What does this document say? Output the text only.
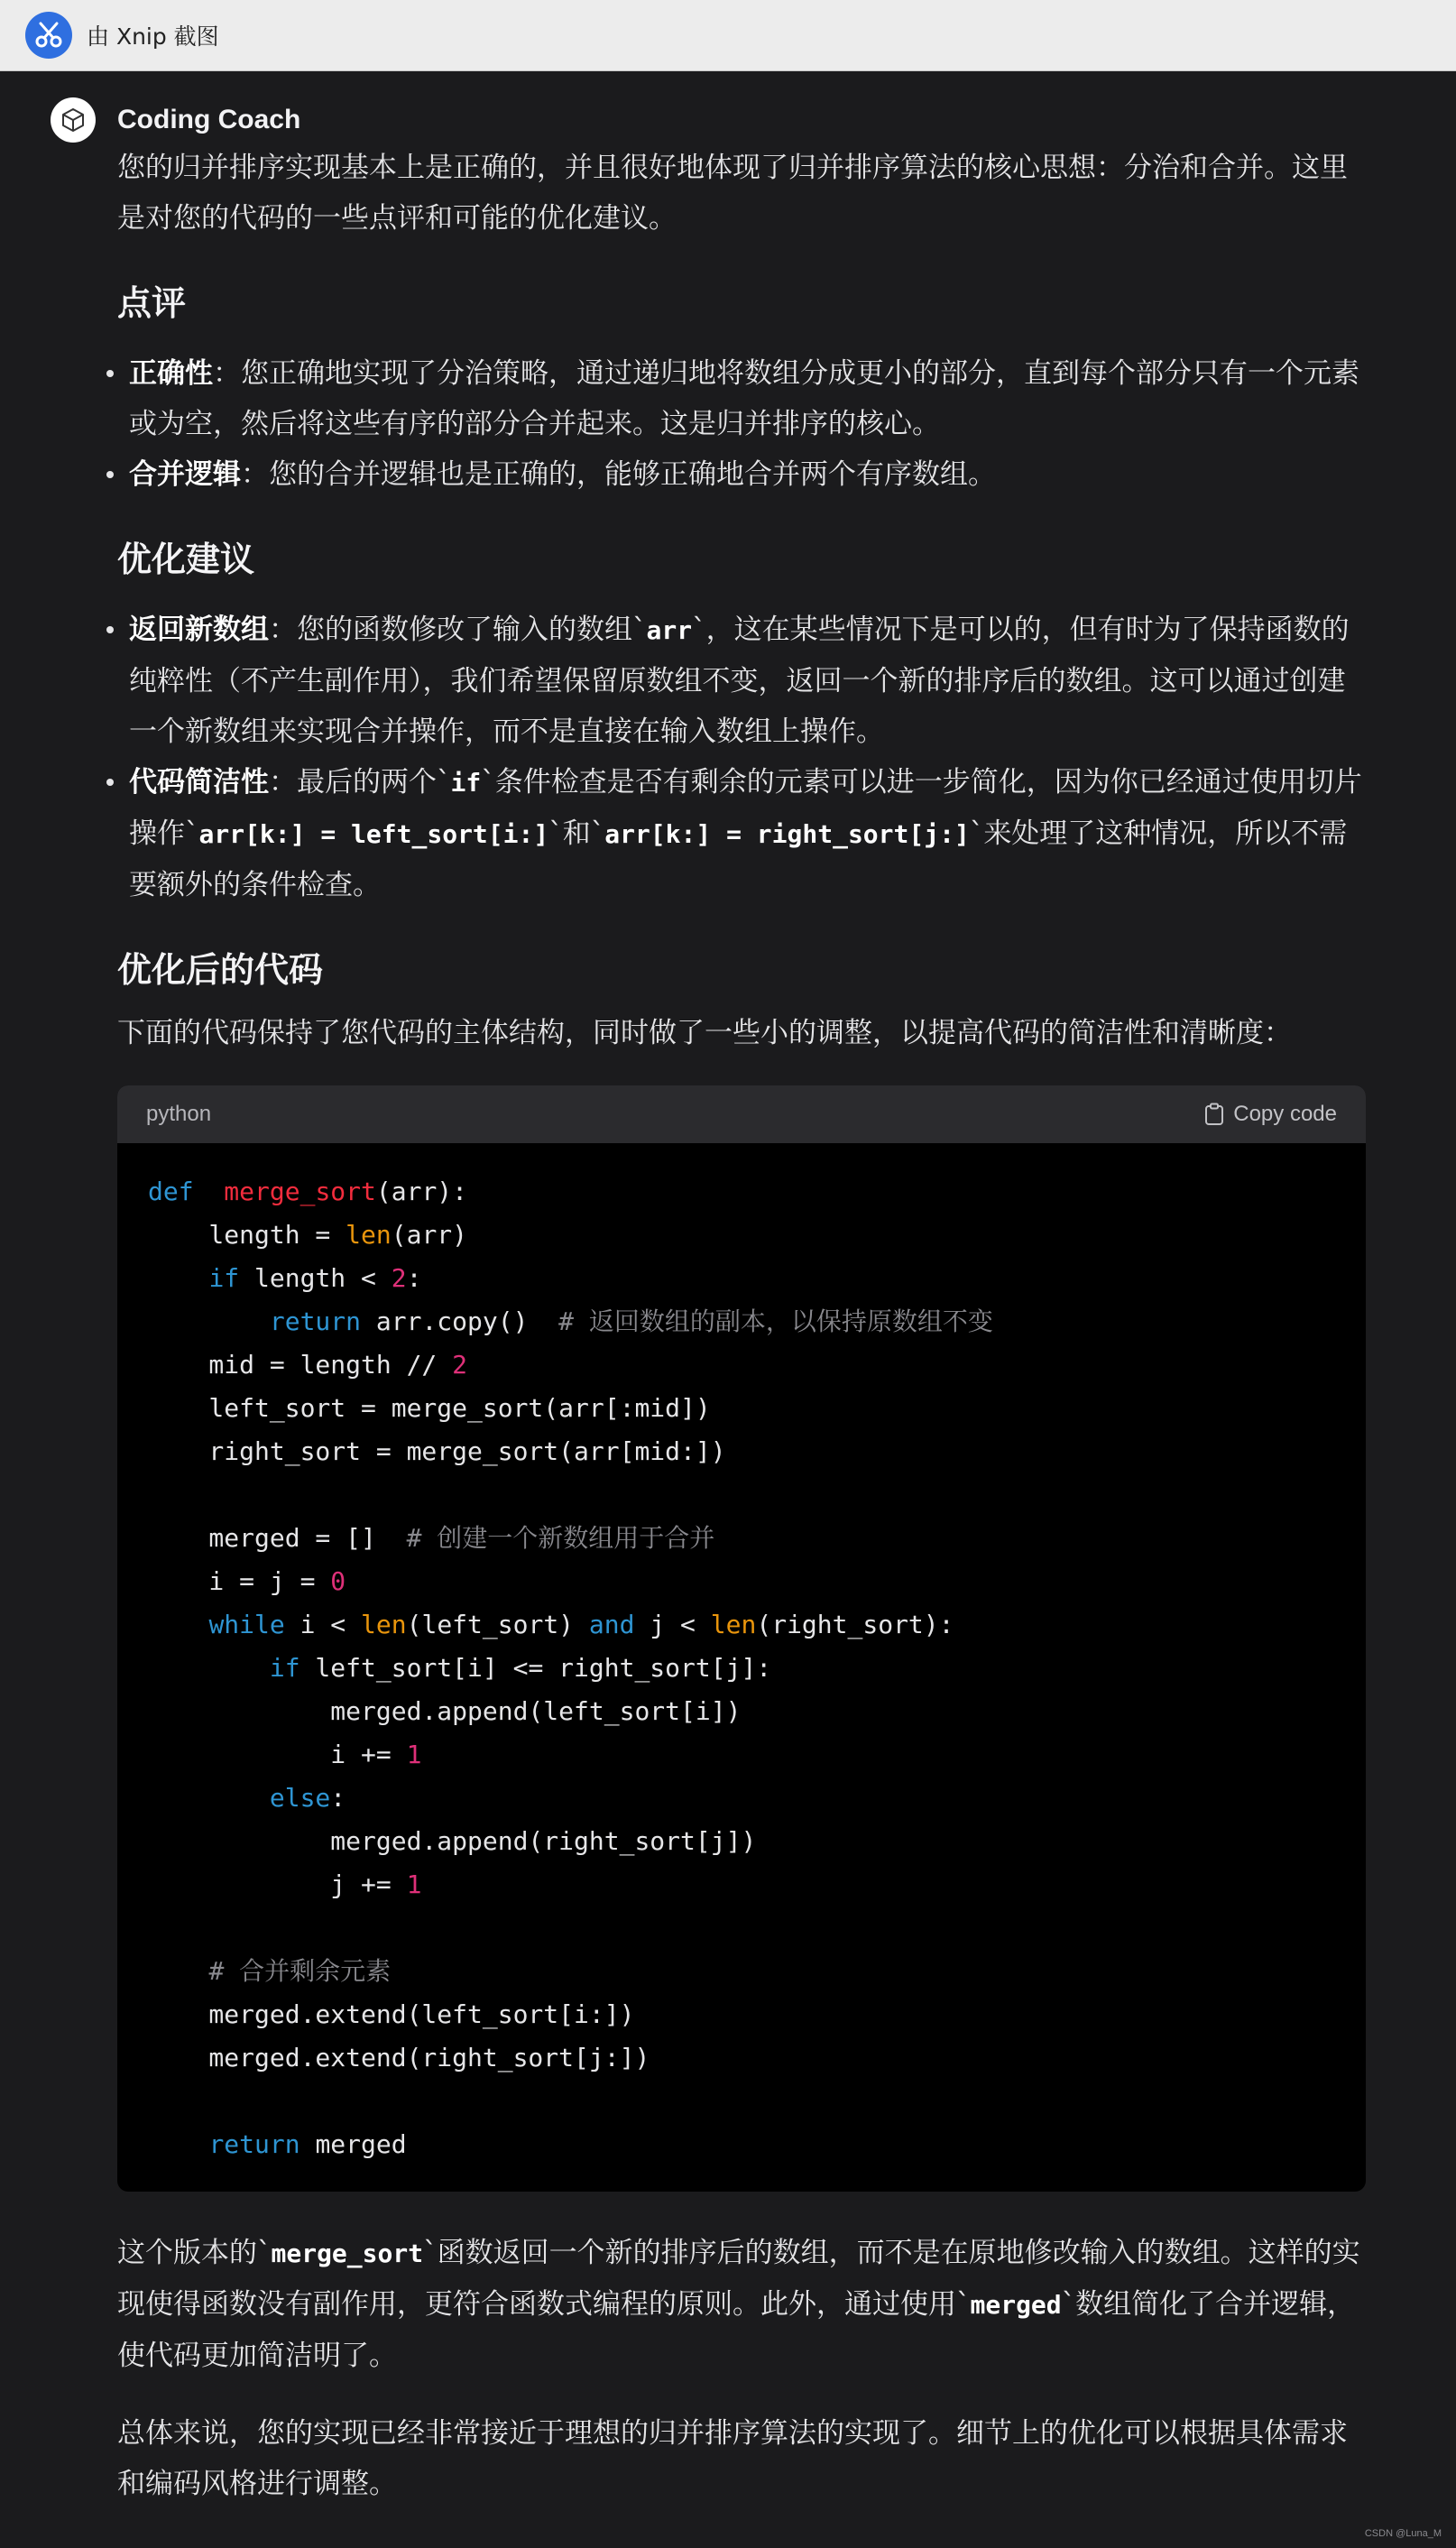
由 Xnip 截图
Coding Coach

您的归并排序实现基本上是正确的，并且很好地体现了归并排序算法的核心思想：分治和合并。这里是对您的代码的一些点评和可能的优化建议。

点评
正确性：您正确地实现了分治策略，通过递归地将数组分成更小的部分，直到每个部分只有一个元素或为空，然后将这些有序的部分合并起来。这是归并排序的核心。
合并逻辑：您的合并逻辑也是正确的，能够正确地合并两个有序数组。
优化建议
返回新数组：您的函数修改了输入的数组`arr`，这在某些情况下是可以的，但有时为了保持函数的纯粹性（不产生副作用），我们希望保留原数组不变，返回一个新的排序后的数组。这可以通过创建一个新数组来实现合并操作，而不是直接在输入数组上操作。
代码简洁性：最后的两个`if`条件检查是否有剩余的元素可以进一步简化，因为你已经通过使用切片操作`arr[k:] = left_sort[i:]`和`arr[k:] = right_sort[j:]`来处理了这种情况，所以不需要额外的条件检查。
优化后的代码

下面的代码保持了您代码的主体结构，同时做了一些小的调整，以提高代码的简洁性和清晰度：

python	Copy code
def merge_sort(arr):
length = len(arr)
if length < 2:
return arr.copy()  # 返回数组的副本，以保持原数组不变
mid = length // 2
left_sort = merge_sort(arr[:mid])
right_sort = merge_sort(arr[mid:])
merged = []  # 创建一个新数组用于合并
i = j = 0
while i < len(left_sort) and j < len(right_sort):
if left_sort[i] <= right_sort[j]:
merged.append(left_sort[i])
i += 1
else:
merged.append(right_sort[j])
j += 1
# 合并剩余元素
merged.extend(left_sort[i:])
merged.extend(right_sort[j:])
return merged

这个版本的`merge_sort`函数返回一个新的排序后的数组，而不是在原地修改输入的数组。这样的实现使得函数没有副作用，更符合函数式编程的原则。此外，通过使用`merged`数组简化了合并逻辑，使代码更加简洁明了。

总体来说，您的实现已经非常接近于理想的归并排序算法的实现了。细节上的优化可以根据具体需求和编码风格进行调整。

CSDN @Luna_M
